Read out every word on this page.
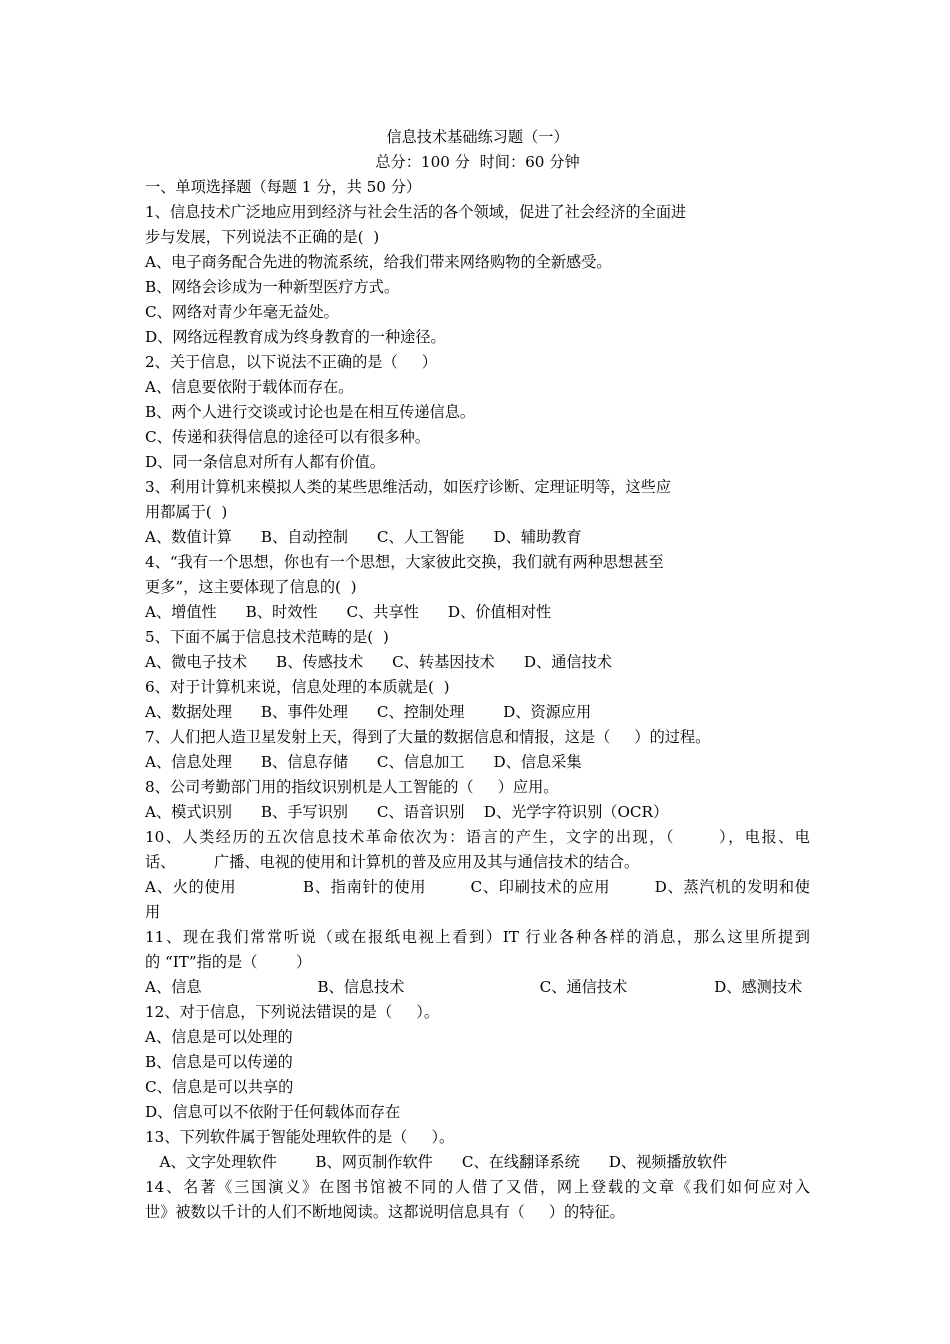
信息技术基础练习题（一）
总分：100 分  时间：60 分钟
一、单项选择题（每题 1 分，共 50 分）
1、信息技术广泛地应用到经济与社会生活的各个领域，促进了社会经济的全面进
步与发展，下列说法不正确的是(  )
A、电子商务配合先进的物流系统，给我们带来网络购物的全新感受。
B、网络会诊成为一种新型医疗方式。
C、网络对青少年毫无益处。
D、网络远程教育成为终身教育的一种途径。
2、关于信息，以下说法不正确的是（     ）
A、信息要依附于载体而存在。
B、两个人进行交谈或讨论也是在相互传递信息。
C、传递和获得信息的途径可以有很多种。
D、同一条信息对所有人都有价值。
3、利用计算机来模拟人类的某些思维活动，如医疗诊断、定理证明等，这些应
用都属于(  )
A、数值计算      B、自动控制      C、人工智能      D、辅助教育
4、“我有一个思想，你也有一个思想，大家彼此交换，我们就有两种思想甚至
更多”，这主要体现了信息的(  )
A、增值性      B、时效性      C、共享性      D、价值相对性
5、下面不属于信息技术范畴的是(  )
A、微电子技术      B、传感技术      C、转基因技术      D、通信技术
6、对于计算机来说，信息处理的本质就是(  )
A、数据处理      B、事件处理      C、控制处理        D、资源应用
7、人们把人造卫星发射上天，得到了大量的数据信息和情报，这是（     ）的过程。
A、信息处理      B、信息存储      C、信息加工      D、信息采集
8、公司考勤部门用的指纹识别机是人工智能的（     ）应用。
A、模式识别      B、手写识别      C、语音识别    D、光学字符识别（OCR）
10、人类经历的五次信息技术革命依次为：语言的产生，文字的出现，（       ），电报、电
话、        广播、电视的使用和计算机的普及应用及其与通信技术的结合。
A、火的使用            B、指南针的使用        C、印刷技术的应用        D、蒸汽机的发明和使
用
11、现在我们常常听说（或在报纸电视上看到）IT 行业各种各样的消息，那么这里所提到
的 “IT”指的是（        ）
A、信息                        B、信息技术                            C、通信技术                  D、感测技术
12、对于信息，下列说法错误的是（     ）。
A、信息是可以处理的
B、信息是可以传递的
C、信息是可以共享的
D、信息可以不依附于任何载体而存在
13、下列软件属于智能处理软件的是（     ）。
A、文字处理软件        B、网页制作软件      C、在线翻译系统      D、视频播放软件
14、名著《三国演义》在图书馆被不同的人借了又借，网上登载的文章《我们如何应对入
世》被数以千计的人们不断地阅读。这都说明信息具有（     ）的特征。
